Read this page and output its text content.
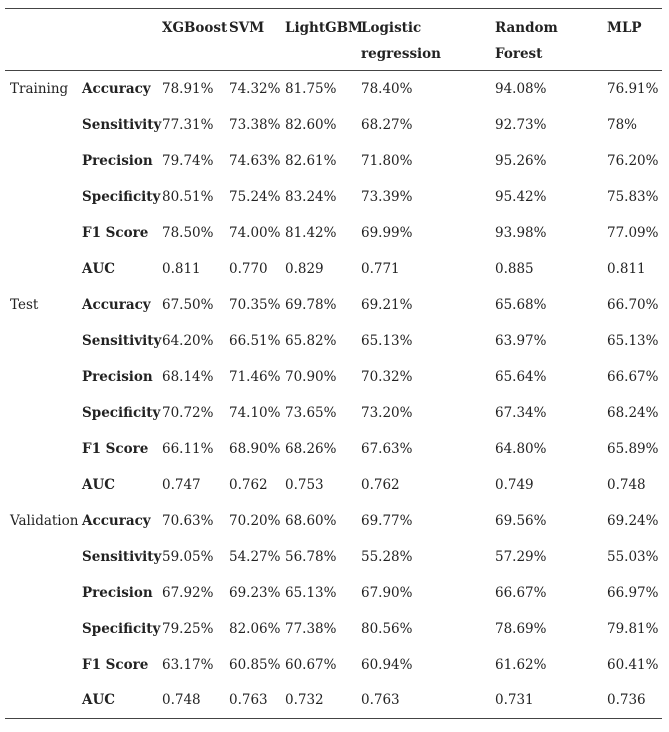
		XGBoost	SVM	LightGBM	Logistic regression	Random Forest	MLP
Training	Accuracy	78.91%	74.32%	81.75%	78.40%	94.08%	76.91%
	Sensitivity	77.31%	73.38%	82.60%	68.27%	92.73%	78%
	Precision	79.74%	74.63%	82.61%	71.80%	95.26%	76.20%
	Specificity	80.51%	75.24%	83.24%	73.39%	95.42%	75.83%
	F1 Score	78.50%	74.00%	81.42%	69.99%	93.98%	77.09%
	AUC	0.811	0.770	0.829	0.771	0.885	0.811
Test	Accuracy	67.50%	70.35%	69.78%	69.21%	65.68%	66.70%
	Sensitivity	64.20%	66.51%	65.82%	65.13%	63.97%	65.13%
	Precision	68.14%	71.46%	70.90%	70.32%	65.64%	66.67%
	Specificity	70.72%	74.10%	73.65%	73.20%	67.34%	68.24%
	F1 Score	66.11%	68.90%	68.26%	67.63%	64.80%	65.89%
	AUC	0.747	0.762	0.753	0.762	0.749	0.748
Validation	Accuracy	70.63%	70.20%	68.60%	69.77%	69.56%	69.24%
	Sensitivity	59.05%	54.27%	56.78%	55.28%	57.29%	55.03%
	Precision	67.92%	69.23%	65.13%	67.90%	66.67%	66.97%
	Specificity	79.25%	82.06%	77.38%	80.56%	78.69%	79.81%
	F1 Score	63.17%	60.85%	60.67%	60.94%	61.62%	60.41%
	AUC	0.748	0.763	0.732	0.763	0.731	0.736
